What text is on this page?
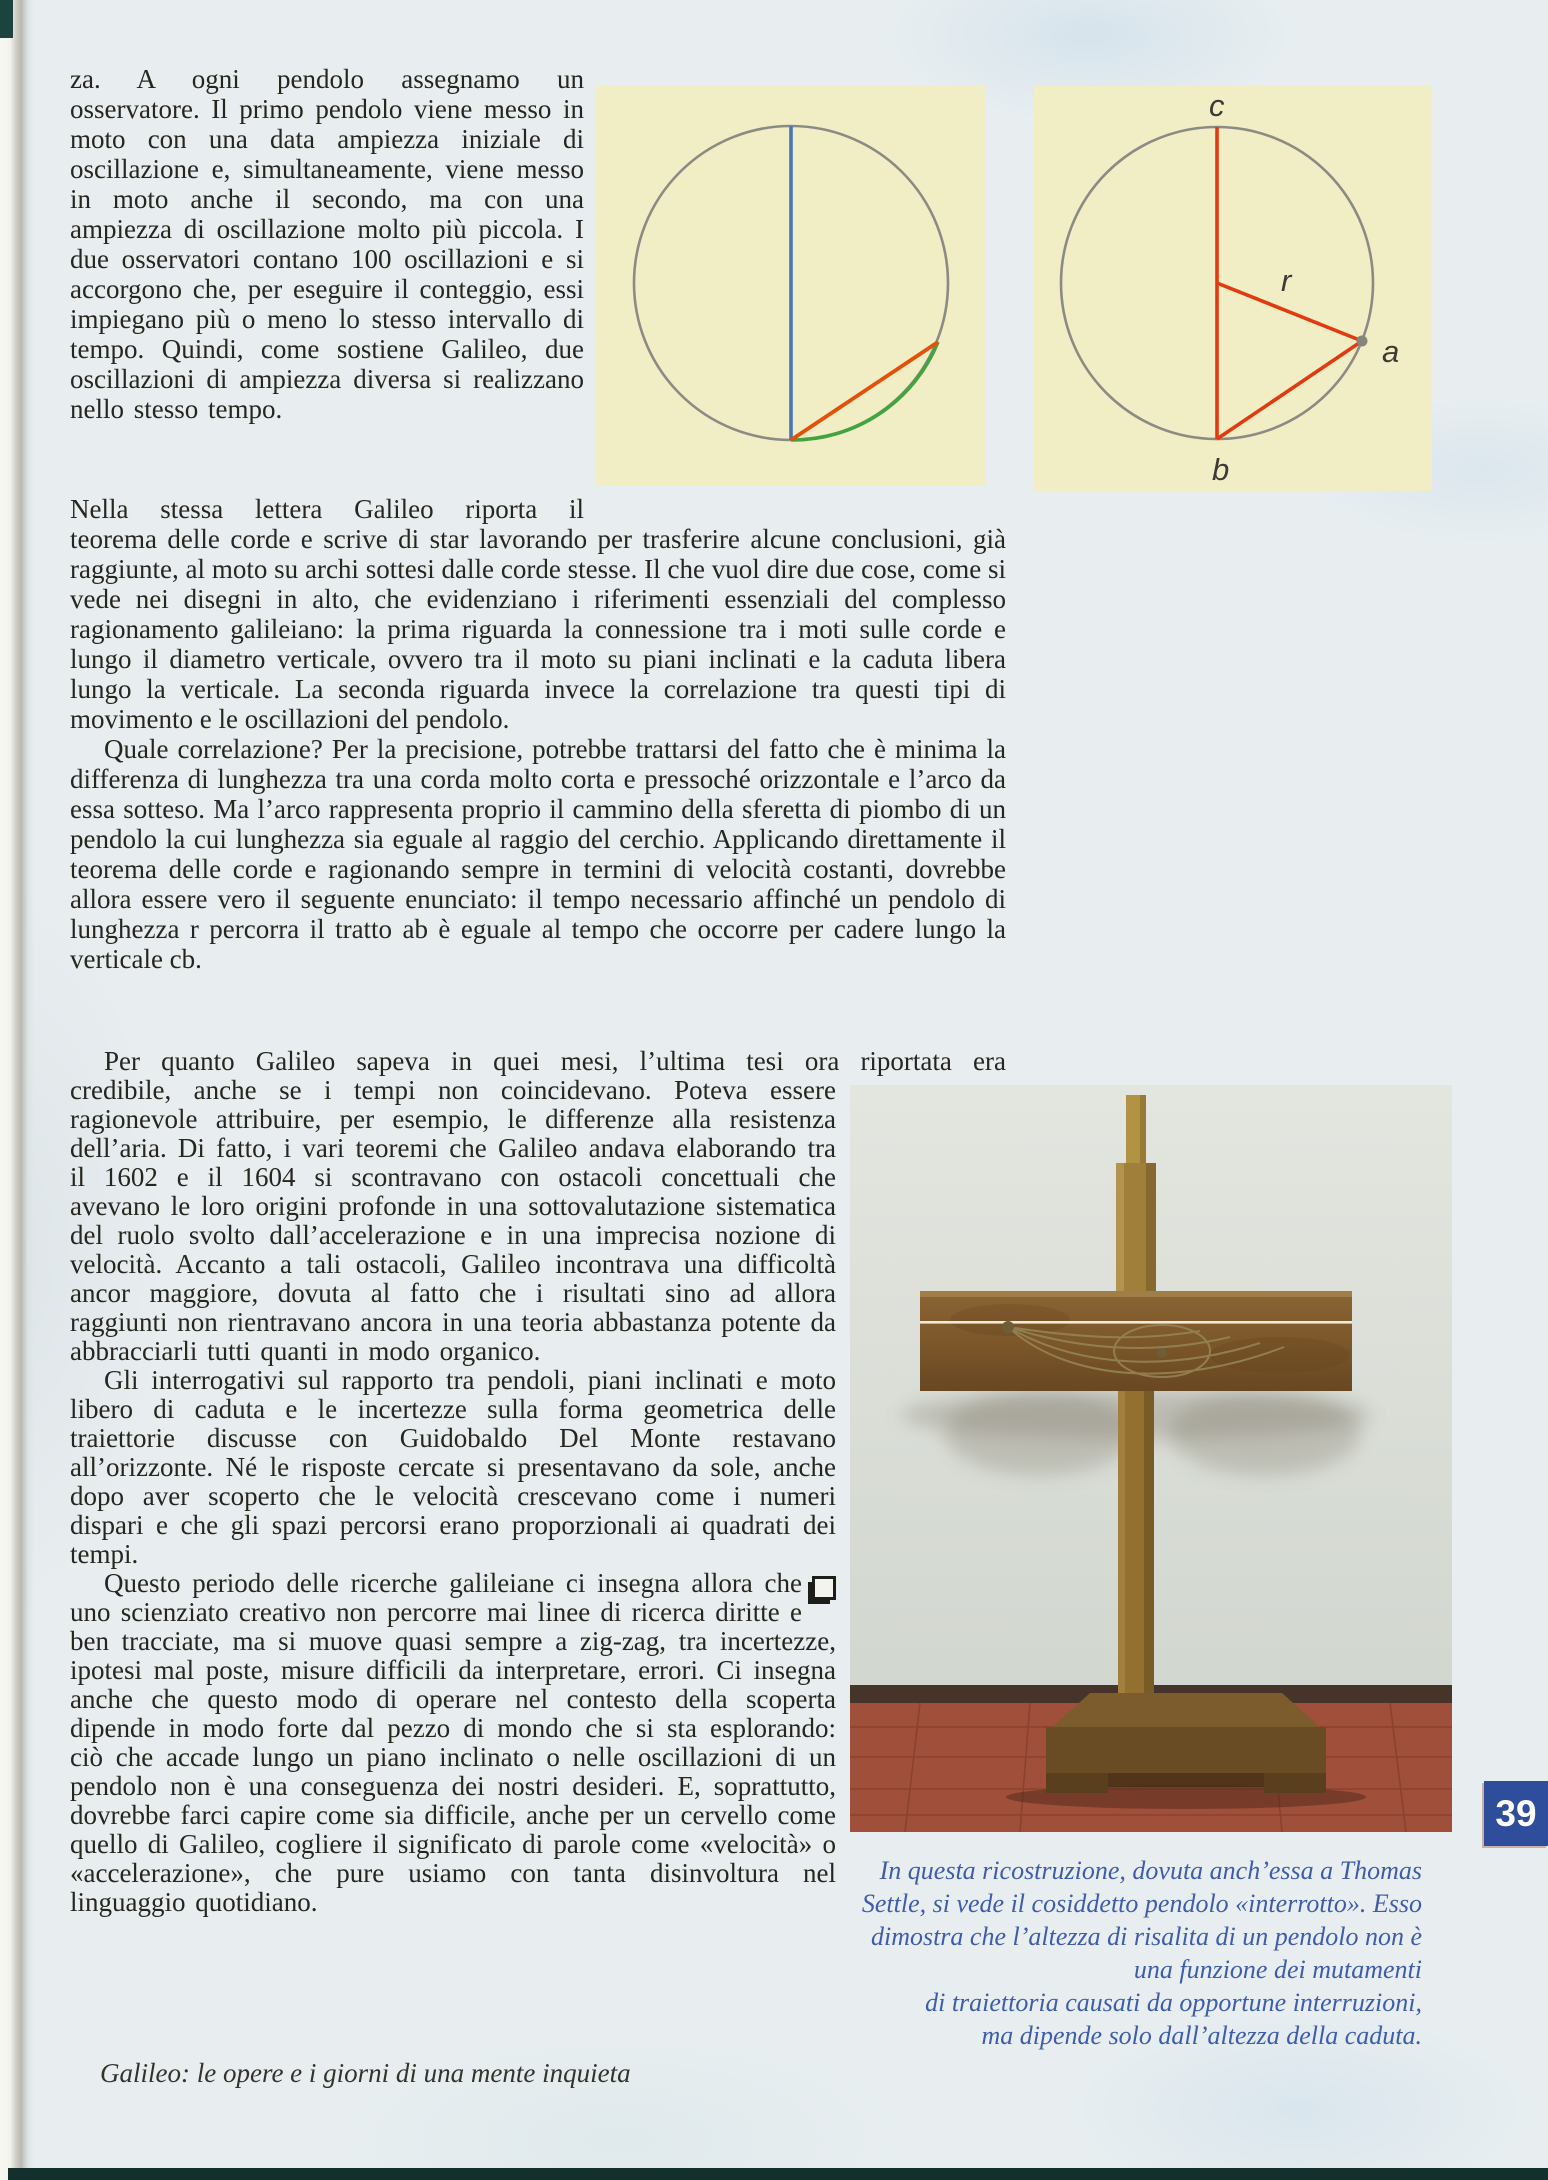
za. A ogni pendolo assegnamo un osservatore. Il primo pendolo viene messo in moto con una data ampiezza iniziale di oscillazione e, simultaneamente, viene messo in moto anche il secondo, ma con una ampiezza di oscillazione molto più piccola. I due osservatori contano 100 oscillazioni e si accorgono che, per eseguire il conteggio, essi impiegano più o meno lo stesso intervallo di tempo. Quindi, come sostiene Galileo, due oscillazioni di ampiezza diversa si realizzano nello stesso tempo.

Nella stessa lettera Galileo riporta il

teorema delle corde e scrive di star lavorando per trasferire alcune conclusioni, già raggiunte, al moto su archi sottesi dalle corde stesse. Il che vuol dire due cose, come si vede nei disegni in alto, che evidenziano i riferimenti essenziali del complesso ragionamento galileiano: la prima riguarda la connessione tra i moti sulle corde e lungo il diametro verticale, ovvero tra il moto su piani inclinati e la caduta libera lungo la verticale. La seconda riguarda invece la correlazione tra questi tipi di movimento e le oscillazioni del pendolo.

Quale correlazione? Per la precisione, potrebbe trattarsi del fatto che è minima la differenza di lunghezza tra una corda molto corta e pressoché orizzontale e l’arco da essa sotteso. Ma l’arco rappresenta proprio il cammino della sferetta di piombo di un pendolo la cui lunghezza sia eguale al raggio del cerchio. Applicando direttamente il teorema delle corde e ragionando sempre in termini di velocità costanti, dovrebbe allora essere vero il seguente enunciato: il tempo necessario affinché un pendolo di lunghezza r percorra il tratto ab è eguale al tempo che occorre per cadere lungo la verticale cb.

Per quanto Galileo sapeva in quei mesi, l’ultima tesi ora riportata era

credibile, anche se i tempi non coincidevano. Poteva essere ragionevole attribuire, per esempio, le differenze alla resistenza dell’aria. Di fatto, i vari teoremi che Galileo andava elaborando tra il 1602 e il 1604 si scontravano con ostacoli concettuali che avevano le loro origini profonde in una sottovalutazione sistematica del ruolo svolto dall’accelerazione e in una imprecisa nozione di velocità. Accanto a tali ostacoli, Galileo incontrava una difficoltà ancor maggiore, dovuta al fatto che i risultati sino ad allora raggiunti non rientravano ancora in una teoria abbastanza potente da abbracciarli tutti quanti in modo organico.

Gli interrogativi sul rapporto tra pendoli, piani inclinati e moto libero di caduta e le incertezze sulla forma geometrica delle traiettorie discusse con Guidobaldo Del Monte restavano all’orizzonte. Né le risposte cercate si presentavano da sole, anche dopo aver scoperto che le velocità crescevano come i numeri dispari e che gli spazi percorsi erano proporzionali ai quadrati dei tempi.

Questo periodo delle ricerche galileiane ci insegna allora che uno scienziato creativo non percorre mai linee di ricerca diritte e ben tracciate, ma si muove quasi sempre a zig-zag, tra incertezze, ipotesi mal poste, misure difficili da interpretare, errori. Ci insegna anche che questo modo di operare nel contesto della scoperta dipende in modo forte dal pezzo di mondo che si sta esplorando: ciò che accade lungo un piano inclinato o nelle oscillazioni di un pendolo non è una conseguenza dei nostri desideri. E, soprattutto, dovrebbe farci capire come sia difficile, anche per un cervello come quello di Galileo, cogliere il significato di parole come «velocità» o «accelerazione», che pure usiamo con tanta disinvoltura nel linguaggio quotidiano.

c
r
a
b
In questa ricostruzione, dovuta anch’essa a Thomas
Settle, si vede il cosiddetto pendolo «interrotto». Esso
dimostra che l’altezza di risalita di un pendolo non è
una funzione dei mutamenti
di traiettoria causati da opportune interruzioni,
ma dipende solo dall’altezza della caduta.
39
Galileo: le opere e i giorni di una mente inquieta
